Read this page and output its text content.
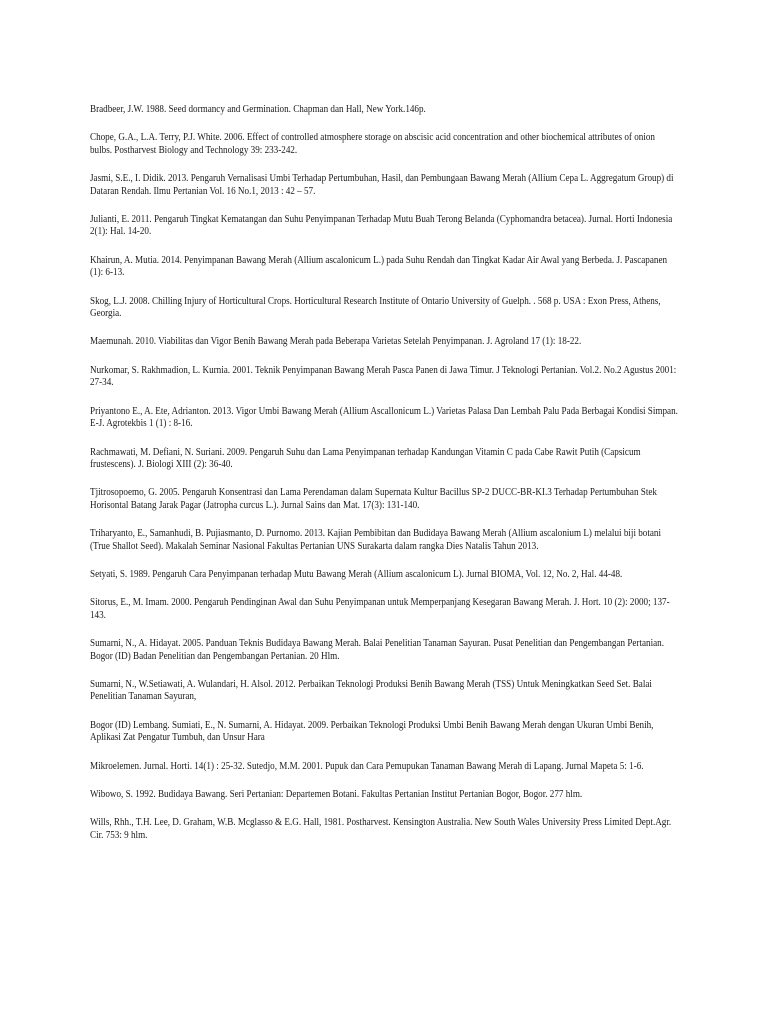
Bradbeer, J.W. 1988. Seed dormancy and Germination. Chapman dan Hall, New York.146p.

Chope, G.A., L.A. Terry, P.J. White. 2006. Effect of controlled atmosphere storage on abscisic acid concentration and other biochemical attributes of onion bulbs. Postharvest Biology and Technology 39: 233-242.

Jasmi, S.E., I. Didik. 2013. Pengaruh Vernalisasi Umbi Terhadap Pertumbuhan, Hasil, dan Pembungaan Bawang Merah (Allium Cepa L. Aggregatum Group) di Dataran Rendah. Ilmu Pertanian Vol. 16 No.1, 2013 : 42 – 57.

Julianti, E. 2011. Pengaruh Tingkat Kematangan dan Suhu Penyimpanan Terhadap Mutu Buah Terong Belanda (Cyphomandra betacea). Jurnal. Horti Indonesia 2(1): Hal. 14-20.

Khairun, A. Mutia. 2014. Penyimpanan Bawang Merah (Allium ascalonicum L.) pada Suhu Rendah dan Tingkat Kadar Air Awal yang Berbeda. J. Pascapanen (1): 6-13.

Skog, L.J. 2008. Chilling Injury of Horticultural Crops. Horticultural Research Institute of Ontario University of Guelph. . 568 p. USA : Exon Press, Athens, Georgia.

Maemunah. 2010. Viabilitas dan Vigor Benih Bawang Merah pada Beberapa Varietas Setelah Penyimpanan. J. Agroland 17 (1): 18-22.

Nurkomar, S. Rakhmadion, L. Kurnia. 2001. Teknik Penyimpanan Bawang Merah Pasca Panen di Jawa Timur. J Teknologi Pertanian. Vol.2. No.2 Agustus 2001: 27-34.

Priyantono E., A. Ete, Adrianton. 2013. Vigor Umbi Bawang Merah (Allium Ascallonicum L.) Varietas Palasa Dan Lembah Palu Pada Berbagai Kondisi Simpan. E-J. Agrotekbis 1 (1) : 8-16.

Rachmawati, M. Defiani, N. Suriani. 2009. Pengaruh Suhu dan Lama Penyimpanan terhadap Kandungan Vitamin C pada Cabe Rawit Putih (Capsicum frustescens). J. Biologi XIII (2): 36-40.

Tjitrosopoemo, G. 2005. Pengaruh Konsentrasi dan Lama Perendaman dalam Supernata Kultur Bacillus SP-2 DUCC-BR-KI.3 Terhadap Pertumbuhan Stek Horisontal Batang Jarak Pagar (Jatropha curcus L.). Jurnal Sains dan Mat. 17(3): 131-140.

Triharyanto, E., Samanhudi, B. Pujiasmanto, D. Purnomo. 2013. Kajian Pembibitan dan Budidaya Bawang Merah (Allium ascalonium L) melalui biji botani (True Shallot Seed). Makalah Seminar Nasional Fakultas Pertanian UNS Surakarta dalam rangka Dies Natalis Tahun 2013.

Setyati, S. 1989. Pengaruh Cara Penyimpanan terhadap Mutu Bawang Merah (Allium ascalonicum L). Jurnal BIOMA, Vol. 12, No. 2, Hal. 44-48.

Sitorus, E., M. Imam. 2000. Pengaruh Pendinginan Awal dan Suhu Penyimpanan untuk Memperpanjang Kesegaran Bawang Merah. J. Hort. 10 (2): 2000; 137-143.

Sumarni, N., A. Hidayat. 2005. Panduan Teknis Budidaya Bawang Merah. Balai Penelitian Tanaman Sayuran. Pusat Penelitian dan Pengembangan Pertanian. Bogor (ID) Badan Penelitian dan Pengembangan Pertanian. 20 Hlm.

Sumarni, N., W.Setiawati, A. Wulandari, H. Alsol. 2012. Perbaikan Teknologi Produksi Benih Bawang Merah (TSS) Untuk Meningkatkan Seed Set. Balai Penelitian Tanaman Sayuran,

Bogor (ID) Lembang. Sumiati, E., N. Sumarni, A. Hidayat. 2009. Perbaikan Teknologi Produksi Umbi Benih Bawang Merah dengan Ukuran Umbi Benih, Aplikasi Zat Pengatur Tumbuh, dan Unsur Hara

Mikroelemen. Jurnal. Horti. 14(1) : 25-32. Sutedjo, M.M. 2001. Pupuk dan Cara Pemupukan Tanaman Bawang Merah di Lapang. Jurnal Mapeta 5: 1-6.

Wibowo, S. 1992. Budidaya Bawang. Seri Pertanian: Departemen Botani. Fakultas Pertanian Institut Pertanian Bogor, Bogor. 277 hlm.

Wills, Rhh., T.H. Lee, D. Graham, W.B. Mcglasso & E.G. Hall, 1981. Postharvest. Kensington Australia. New South Wales University Press Limited Dept.Agr. Cir. 753: 9 hlm.
